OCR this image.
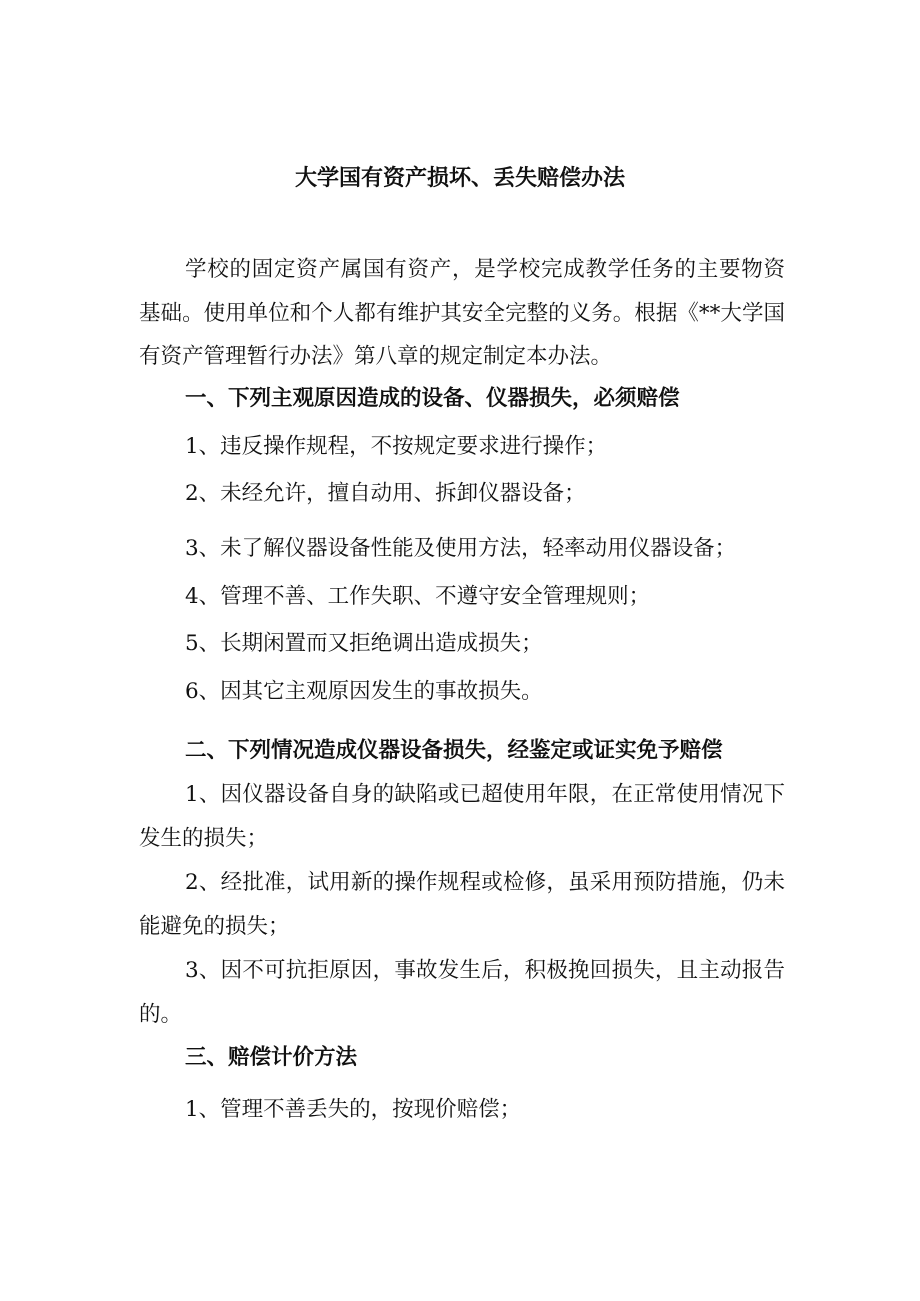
大学国有资产损坏、丢失赔偿办法
学校的固定资产属国有资产，是学校完成教学任务的主要物资基础。使用单位和个人都有维护其安全完整的义务。根据《**大学国有资产管理暂行办法》第八章的规定制定本办法。
一、下列主观原因造成的设备、仪器损失，必须赔偿
1、违反操作规程，不按规定要求进行操作；
2、未经允许，擅自动用、拆卸仪器设备；
3、未了解仪器设备性能及使用方法，轻率动用仪器设备；
4、管理不善、工作失职、不遵守安全管理规则；
5、长期闲置而又拒绝调出造成损失；
6、因其它主观原因发生的事故损失。
二、下列情况造成仪器设备损失，经鉴定或证实免予赔偿
1、因仪器设备自身的缺陷或已超使用年限，在正常使用情况下发生的损失；
2、经批准，试用新的操作规程或检修，虽采用预防措施，仍未能避免的损失；
3、因不可抗拒原因，事故发生后，积极挽回损失，且主动报告的。
三、赔偿计价方法
1、管理不善丢失的，按现价赔偿；
